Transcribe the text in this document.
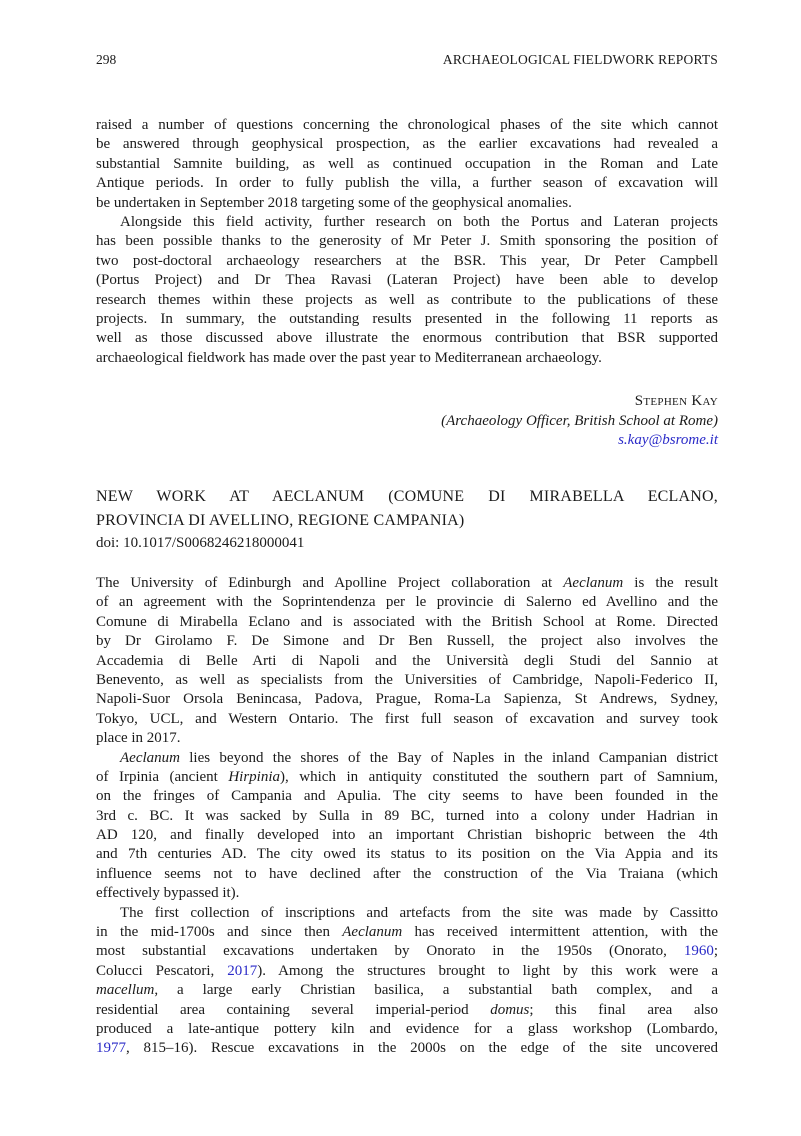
298	ARCHAEOLOGICAL FIELDWORK REPORTS
raised a number of questions concerning the chronological phases of the site which cannot
be answered through geophysical prospection, as the earlier excavations had revealed a
substantial Samnite building, as well as continued occupation in the Roman and Late
Antique periods. In order to fully publish the villa, a further season of excavation will
be undertaken in September 2018 targeting some of the geophysical anomalies.
Alongside this field activity, further research on both the Portus and Lateran projects
has been possible thanks to the generosity of Mr Peter J. Smith sponsoring the position of
two post-doctoral archaeology researchers at the BSR. This year, Dr Peter Campbell
(Portus Project) and Dr Thea Ravasi (Lateran Project) have been able to develop
research themes within these projects as well as contribute to the publications of these
projects. In summary, the outstanding results presented in the following 11 reports as
well as those discussed above illustrate the enormous contribution that BSR supported
archaeological fieldwork has made over the past year to Mediterranean archaeology.
Stephen Kay
(Archaeology Officer, British School at Rome)
s.kay@bsrome.it
NEW WORK AT AECLANUM (COMUNE DI MIRABELLA ECLANO,
PROVINCIA DI AVELLINO, REGIONE CAMPANIA)
doi: 10.1017/S0068246218000041
The University of Edinburgh and Apolline Project collaboration at Aeclanum is the result
of an agreement with the Soprintendenza per le provincie di Salerno ed Avellino and the
Comune di Mirabella Eclano and is associated with the British School at Rome. Directed
by Dr Girolamo F. De Simone and Dr Ben Russell, the project also involves the
Accademia di Belle Arti di Napoli and the Università degli Studi del Sannio at
Benevento, as well as specialists from the Universities of Cambridge, Napoli-Federico II,
Napoli-Suor Orsola Benincasa, Padova, Prague, Roma-La Sapienza, St Andrews, Sydney,
Tokyo, UCL, and Western Ontario. The first full season of excavation and survey took
place in 2017.
Aeclanum lies beyond the shores of the Bay of Naples in the inland Campanian district
of Irpinia (ancient Hirpinia), which in antiquity constituted the southern part of Samnium,
on the fringes of Campania and Apulia. The city seems to have been founded in the
3rd c. BC. It was sacked by Sulla in 89 BC, turned into a colony under Hadrian in
AD 120, and finally developed into an important Christian bishopric between the 4th
and 7th centuries AD. The city owed its status to its position on the Via Appia and its
influence seems not to have declined after the construction of the Via Traiana (which
effectively bypassed it).
The first collection of inscriptions and artefacts from the site was made by Cassitto
in the mid-1700s and since then Aeclanum has received intermittent attention, with the
most substantial excavations undertaken by Onorato in the 1950s (Onorato, 1960;
Colucci Pescatori, 2017). Among the structures brought to light by this work were a
macellum, a large early Christian basilica, a substantial bath complex, and a
residential area containing several imperial-period domus; this final area also
produced a late-antique pottery kiln and evidence for a glass workshop (Lombardo,
1977, 815–16). Rescue excavations in the 2000s on the edge of the site uncovered
